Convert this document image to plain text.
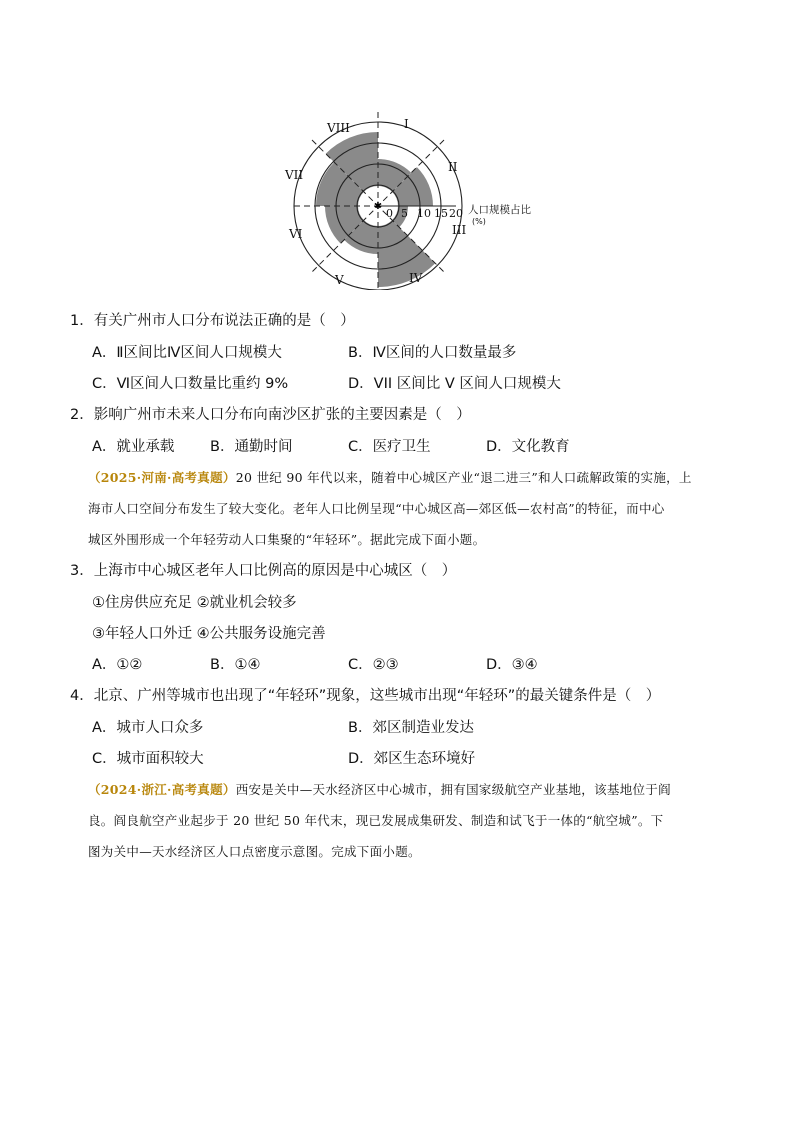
✱
I
II
III
IV
V
VI
VII
VIII
0 5 10 15 20 人口规模占比
(%)
1．有关广州市人口分布说法正确的是（　）
A．Ⅱ区间比Ⅳ区间人口规模大	B．Ⅳ区间的人口数量最多
C．Ⅵ区间人口数量比重约 9%	D．VII 区间比 V 区间人口规模大
2．影响广州市未来人口分布向南沙区扩张的主要因素是（　）
A．就业承载 B．通勤时间	C．医疗卫生	D．文化教育
（2025·河南·高考真题）20 世纪 90 年代以来，随着中心城区产业“退二进三”和人口疏解政策的实施，上
海市人口空间分布发生了较大变化。老年人口比例呈现“中心城区高—郊区低—农村高”的特征，而中心
城区外围形成一个年轻劳动人口集聚的“年轻环”。据此完成下面小题。
3．上海市中心城区老年人口比例高的原因是中心城区（　）
①住房供应充足 ②就业机会较多
③年轻人口外迁 ④公共服务设施完善
A．①②	B．①④	C．②③	D．③④
4．北京、广州等城市也出现了“年轻环”现象，这些城市出现“年轻环”的最关键条件是（　）
A．城市人口众多	B．郊区制造业发达
C．城市面积较大	D．郊区生态环境好
（2024·浙江·高考真题）西安是关中—天水经济区中心城市，拥有国家级航空产业基地，该基地位于阎
良。阎良航空产业起步于 20 世纪 50 年代末，现已发展成集研发、制造和试飞于一体的“航空城”。下
图为关中—天水经济区人口点密度示意图。完成下面小题。
